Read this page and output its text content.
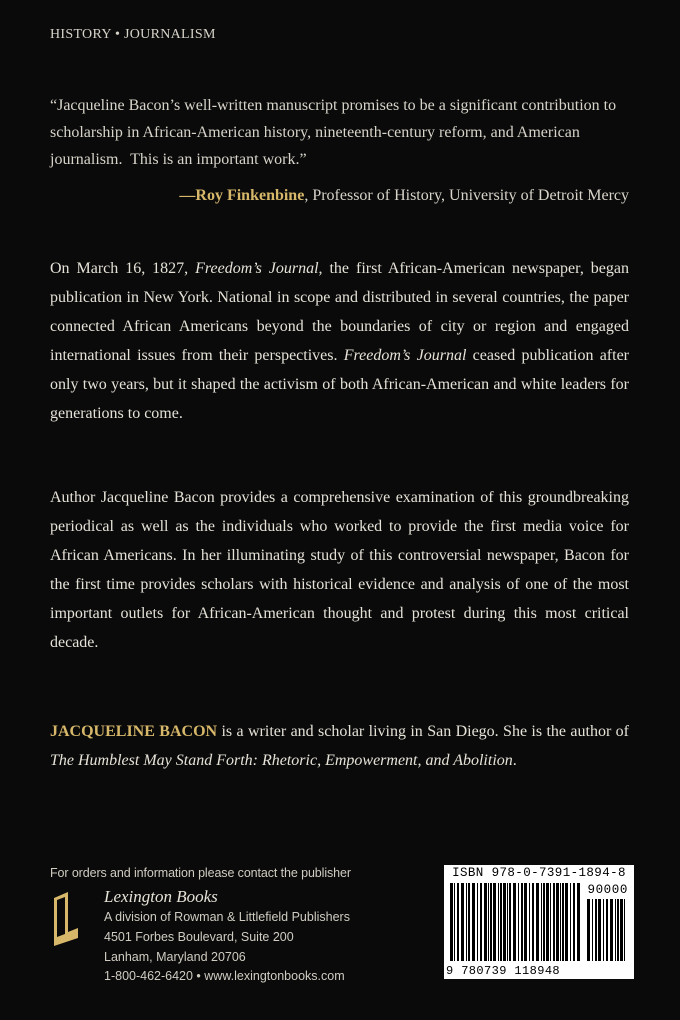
HISTORY • JOURNALISM

“Jacqueline Bacon’s well-written manuscript promises to be a significant contribution to scholarship in African-American history, nineteenth-century reform, and American journalism.  This is an important work.”

—Roy Finkenbine, Professor of History, University of Detroit Mercy

On March 16, 1827, Freedom’s Journal, the first African-American newspaper, began publication in New York. National in scope and distributed in several countries, the paper connected African Americans beyond the boundaries of city or region and engaged international issues from their perspectives. Freedom’s Journal ceased publication after only two years, but it shaped the activism of both African-American and white leaders for generations to come.

Author Jacqueline Bacon provides a comprehensive examination of this groundbreaking periodical as well as the individuals who worked to provide the first media voice for African Americans. In her illuminating study of this controversial newspaper, Bacon for the first time provides scholars with historical evidence and analysis of one of the most important outlets for African-American thought and protest during this most critical decade.

JACQUELINE BACON is a writer and scholar living in San Diego. She is the author of The Humblest May Stand Forth: Rhetoric, Empowerment, and Abolition.

For orders and information please contact the publisher
Lexington Books
A division of Rowman & Littlefield Publishers
4501 Forbes Boulevard, Suite 200
Lanham, Maryland 20706
1-800-462-6420 • www.lexingtonbooks.com
ISBN 978-0-7391-1894-8
90000
9 780739 118948
